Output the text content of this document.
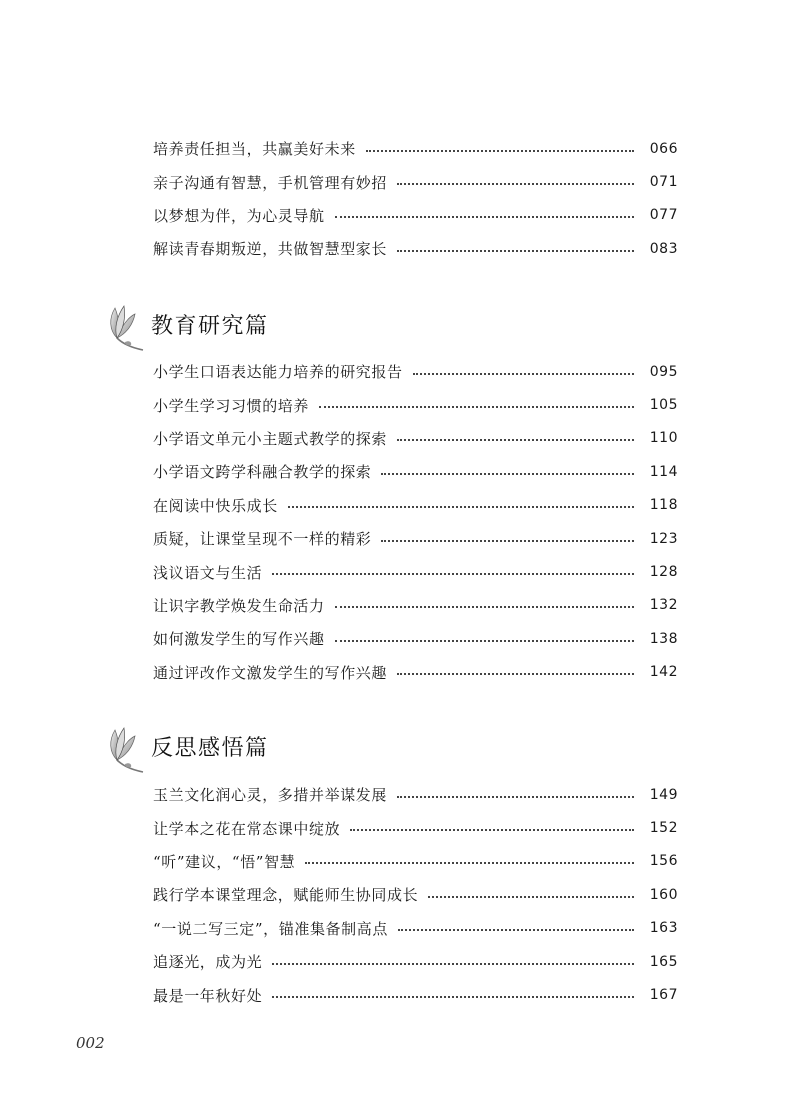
培养责任担当，共赢美好未来	066
亲子沟通有智慧，手机管理有妙招	071
以梦想为伴，为心灵导航	077
解读青春期叛逆，共做智慧型家长	083
教育研究篇
小学生口语表达能力培养的研究报告	095
小学生学习习惯的培养	105
小学语文单元小主题式教学的探索	110
小学语文跨学科融合教学的探索	114
在阅读中快乐成长	118
质疑，让课堂呈现不一样的精彩	123
浅议语文与生活	128
让识字教学焕发生命活力	132
如何激发学生的写作兴趣	138
通过评改作文激发学生的写作兴趣	142
反思感悟篇
玉兰文化润心灵，多措并举谋发展	149
让学本之花在常态课中绽放	152
“听”建议，“悟”智慧	156
践行学本课堂理念，赋能师生协同成长	160
“一说二写三定”，锚准集备制高点	163
追逐光，成为光	165
最是一年秋好处	167
002
